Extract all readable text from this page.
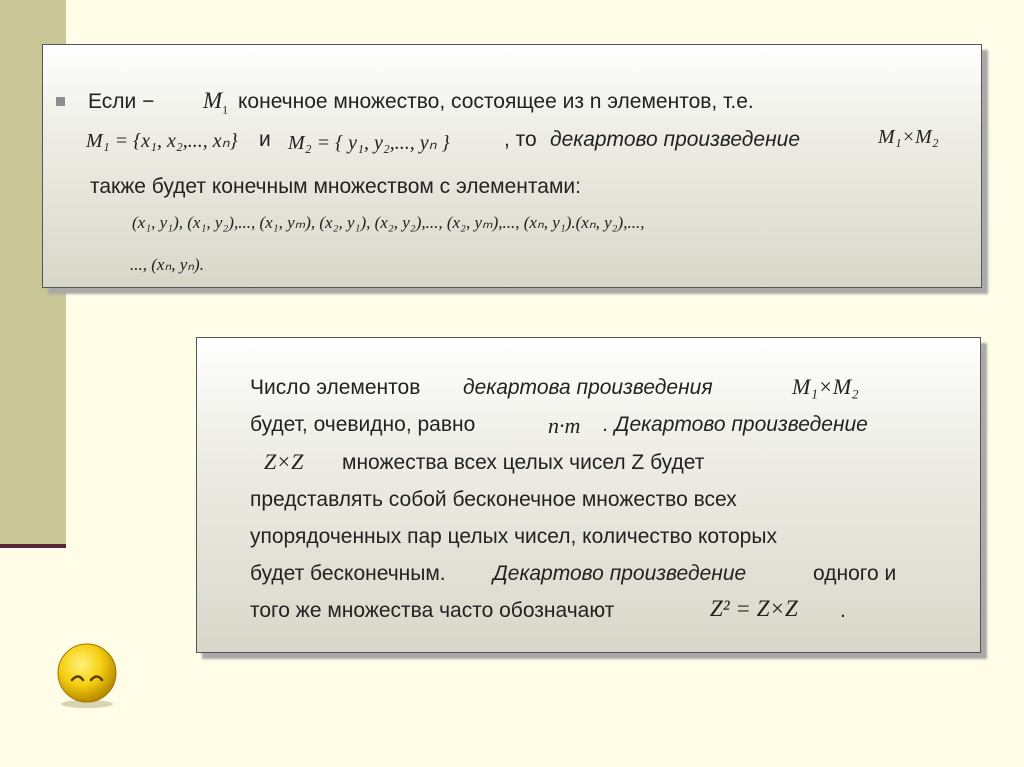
Если − $M_1$ конечное множество, состоящее из n элементов, т.е.
M₁ = {x₁, x₂,..., xₙ} и M₂ = { y₁, y₂,..., yₙ }	, то декартово произведение	M₁×M₂
также будет конечным множеством с элементами:
(x₁, y₁), (x₁, y₂),..., (x₁, yₘ), (x₂, y₁), (x₂, y₂),..., (x₂, yₘ),..., (xₙ, y₁).(xₙ, y₂),...,
..., (xₙ, yₙ).
Число элементов декартова произведения	M₁×M₂
будет, очевидно, равно	n·m . Декартово произведение
Z×Z множества всех целых чисел Z будет
представлять собой бесконечное множество всех
упорядоченных пар целых чисел, количество которых
будет бесконечным. Декартово произведение	одного и
того же множества часто обозначают	Z² = Z×Z .
